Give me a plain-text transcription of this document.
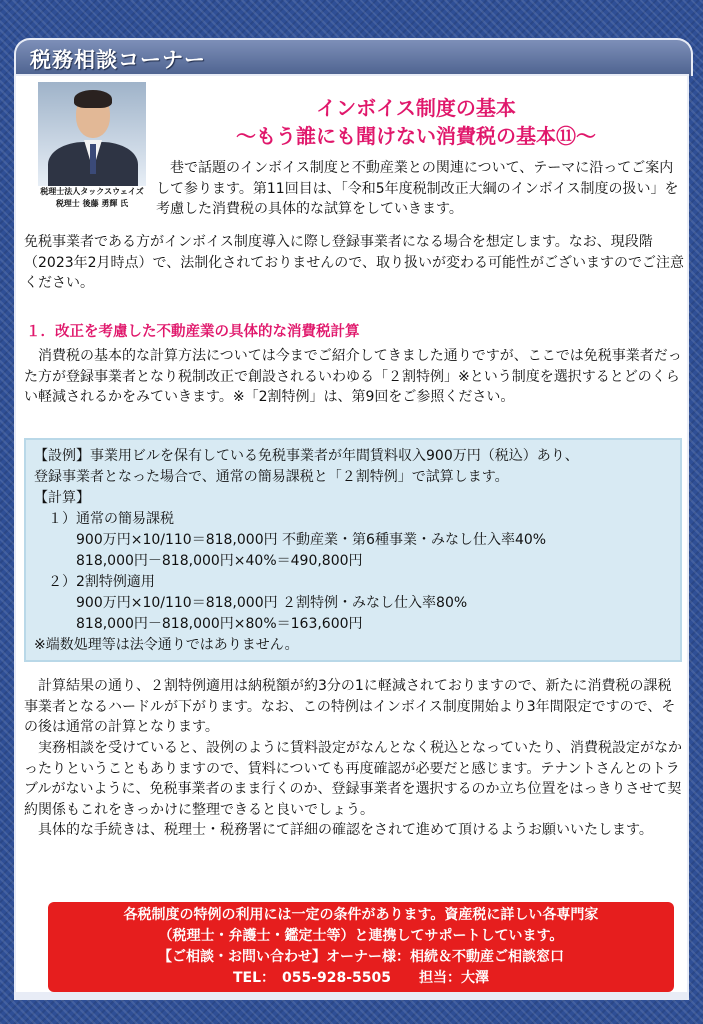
税務相談コーナー
税理士法人タックスウェイズ
税理士 後藤 勇輝 氏
インボイス制度の基本
～もう誰にも聞けない消費税の基本⑪～
巷で話題のインボイス制度と不動産業との関連について、テーマに沿ってご案内して参ります。第11回目は、「令和5年度税制改正大綱のインボイス制度の扱い」を考慮した消費税の具体的な試算をしていきます。
免税事業者である方がインボイス制度導入に際し登録事業者になる場合を想定します。なお、現段階（2023年2月時点）で、法制化されておりませんので、取り扱いが変わる可能性がございますのでご注意ください。
１．改正を考慮した不動産業の具体的な消費税計算
消費税の基本的な計算方法については今までご紹介してきました通りですが、ここでは免税事業者だった方が登録事業者となり税制改正で創設されるいわゆる「２割特例」※という制度を選択するとどのくらい軽減されるかをみていきます。※「2割特例」は、第9回をご参照ください。
【設例】事業用ビルを保有している免税事業者が年間賃料収入900万円（税込）あり、
登録事業者となった場合で、通常の簡易課税と「２割特例」で試算します。
【計算】
１）通常の簡易課税
900万円×10/110＝818,000円 不動産業・第6種事業・みなし仕入率40%
818,000円－818,000円×40%＝490,800円
２）2割特例適用
900万円×10/110＝818,000円 ２割特例・みなし仕入率80%
818,000円－818,000円×80%＝163,600円
※端数処理等は法令通りではありません。
計算結果の通り、２割特例適用は納税額が約3分の1に軽減されておりますので、新たに消費税の課税事業者となるハードルが下がります。なお、この特例はインボイス制度開始より3年間限定ですので、その後は通常の計算となります。
実務相談を受けていると、設例のように賃料設定がなんとなく税込となっていたり、消費税設定がなかったりということもありますので、賃料についても再度確認が必要だと感じます。テナントさんとのトラブルがないように、免税事業者のまま行くのか、登録事業者を選択するのか立ち位置をはっきりさせて契約関係もこれをきっかけに整理できると良いでしょう。
具体的な手続きは、税理士・税務署にて詳細の確認をされて進めて頂けるようお願いいたします。
各税制度の特例の利用には一定の条件があります。資産税に詳しい各専門家
（税理士・弁護士・鑑定士等）と連携してサポートしています。
【ご相談・お問い合わせ】オーナー様：相続＆不動産ご相談窓口
TEL：　055-928-5505　　担当：大澤
